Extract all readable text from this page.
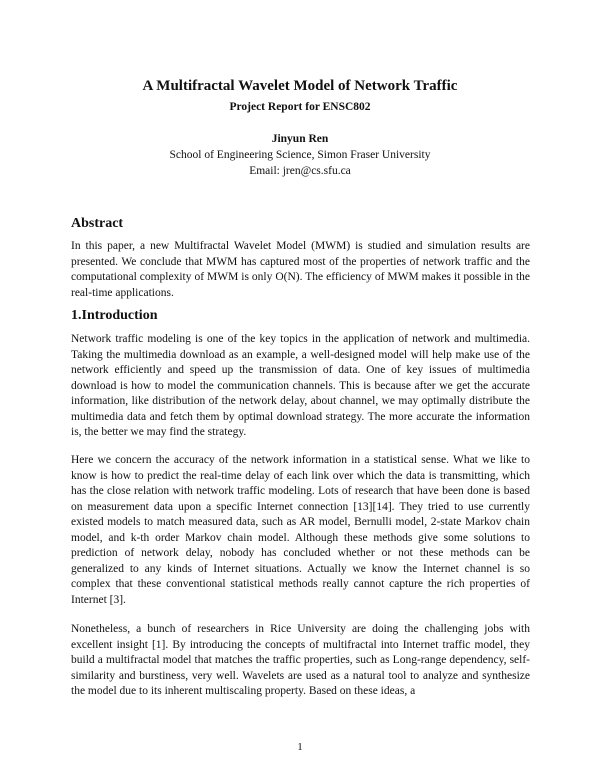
A Multifractal Wavelet Model of Network Traffic
Project Report for ENSC802
Jinyun Ren
School of Engineering Science, Simon Fraser University
Email: jren@cs.sfu.ca
Abstract

In this paper, a new Multifractal Wavelet Model (MWM) is studied and simulation results are presented. We conclude that MWM has captured most of the properties of network traffic and the computational complexity of MWM is only O(N). The efficiency of MWM makes it possible in the real-time applications.

1.Introduction

Network traffic modeling is one of the key topics in the application of network and multimedia. Taking the multimedia download as an example, a well-designed model will help make use of the network efficiently and speed up the transmission of data. One of key issues of multimedia download is how to model the communication channels. This is because after we get the accurate information, like distribution of the network delay, about channel, we may optimally distribute the multimedia data and fetch them by optimal download strategy. The more accurate the information is, the better we may find the strategy.

Here we concern the accuracy of the network information in a statistical sense. What we like to know is how to predict the real-time delay of each link over which the data is transmitting, which has the close relation with network traffic modeling. Lots of research that have been done is based on measurement data upon a specific Internet connection [13][14]. They tried to use currently existed models to match measured data, such as AR model, Bernulli model, 2-state Markov chain model, and k-th order Markov chain model. Although these methods give some solutions to prediction of network delay, nobody has concluded whether or not these methods can be generalized to any kinds of Internet situations. Actually we know the Internet channel is so complex that these conventional statistical methods really cannot capture the rich properties of Internet [3].

Nonetheless, a bunch of researchers in Rice University are doing the challenging jobs with excellent insight [1]. By introducing the concepts of multifractal into Internet traffic model, they build a multifractal model that matches the traffic properties, such as Long-range dependency, self-similarity and burstiness, very well. Wavelets are used as a natural tool to analyze and synthesize the model due to its inherent multiscaling property. Based on these ideas, a

1
